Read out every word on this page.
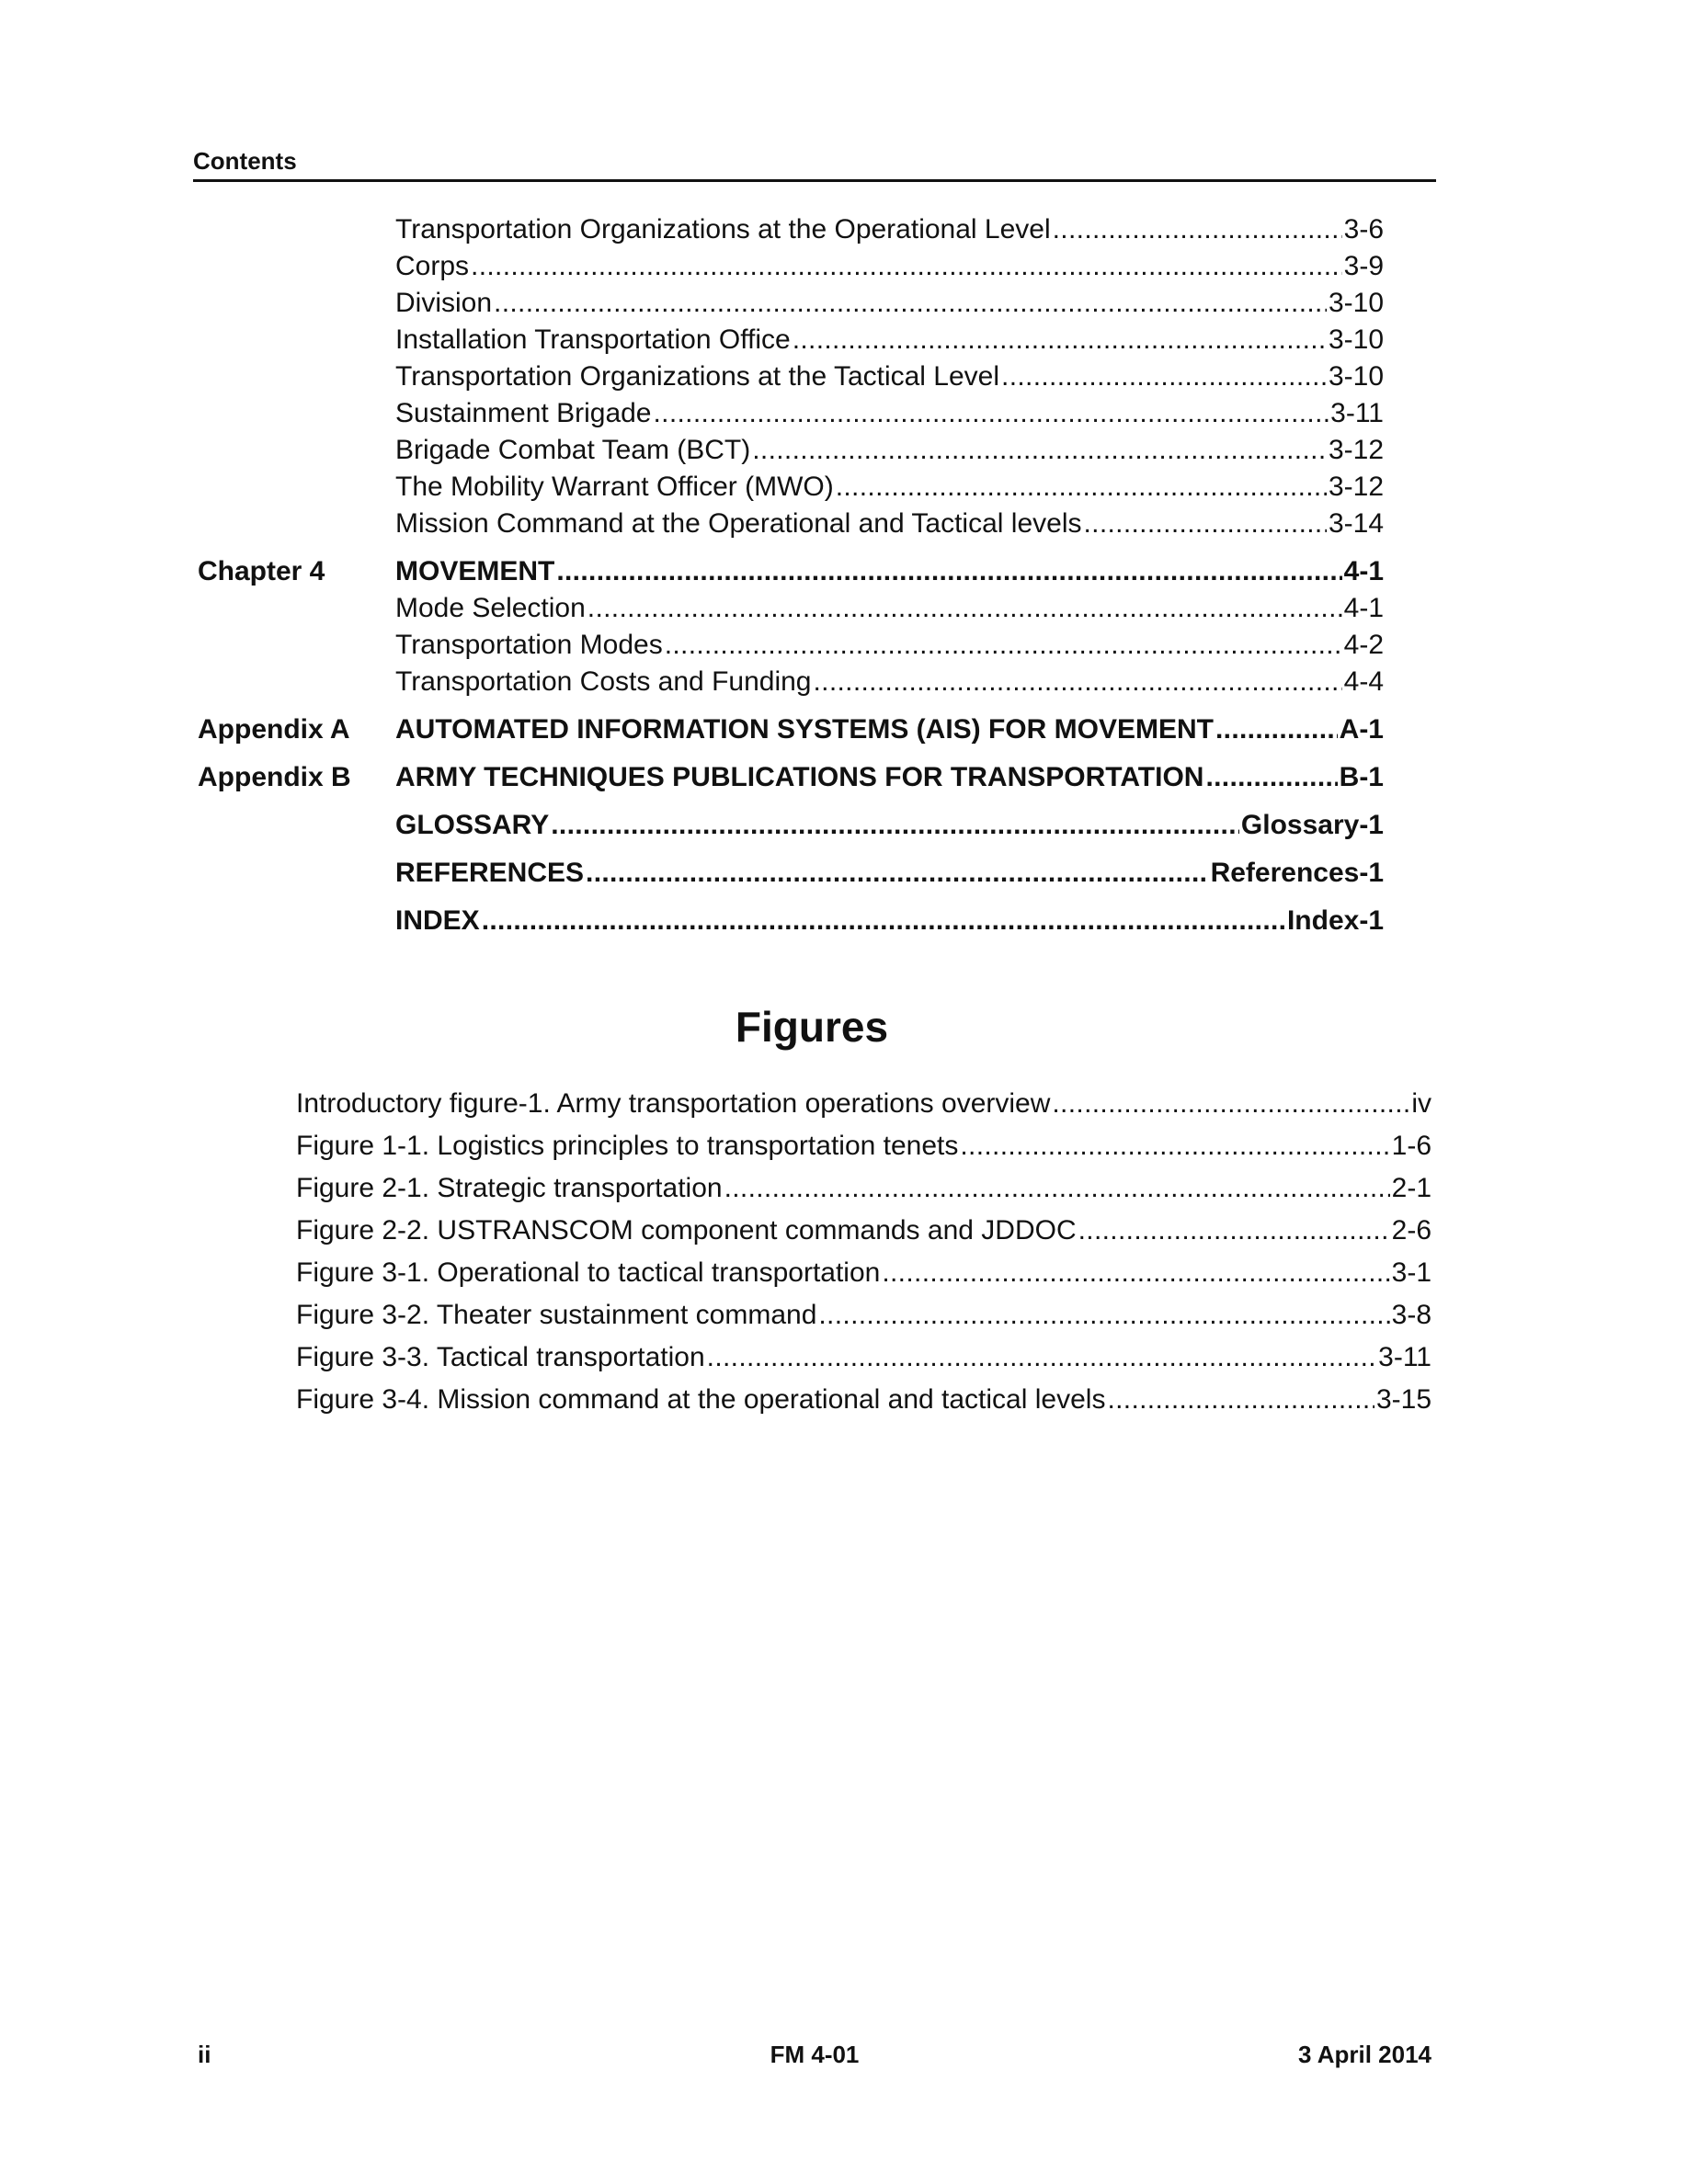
Contents
Transportation Organizations at the Operational Level . . .	3-6
Corps . . .	3-9
Division . . .	3-10
Installation Transportation Office . . .	3-10
Transportation Organizations at the Tactical Level . . .	3-10
Sustainment Brigade . . .	3-11
Brigade Combat Team (BCT) . . .	3-12
The Mobility Warrant Officer (MWO) . . .	3-12
Mission Command at the Operational and Tactical levels . . .	3-14
Chapter 4	MOVEMENT . . .	4-1
Mode Selection . . .	4-1
Transportation Modes . . .	4-2
Transportation Costs and Funding . . .	4-4
Appendix A	AUTOMATED INFORMATION SYSTEMS (AIS) FOR MOVEMENT . . .	A-1
Appendix B	ARMY TECHNIQUES PUBLICATIONS FOR TRANSPORTATION . . .	B-1
GLOSSARY . . .	Glossary-1
REFERENCES . . .	References-1
INDEX . . .	Index-1
Figures
Introductory figure-1. Army transportation operations overview . . .	iv
Figure 1-1. Logistics principles to transportation tenets . . .	1-6
Figure 2-1. Strategic transportation . . .	2-1
Figure 2-2. USTRANSCOM component commands and JDDOC . . .	2-6
Figure 3-1. Operational to tactical transportation . . .	3-1
Figure 3-2. Theater sustainment command . . .	3-8
Figure 3-3. Tactical transportation . . .	3-11
Figure 3-4. Mission command at the operational and tactical levels . . .	3-15
ii	FM 4-01	3 April 2014
